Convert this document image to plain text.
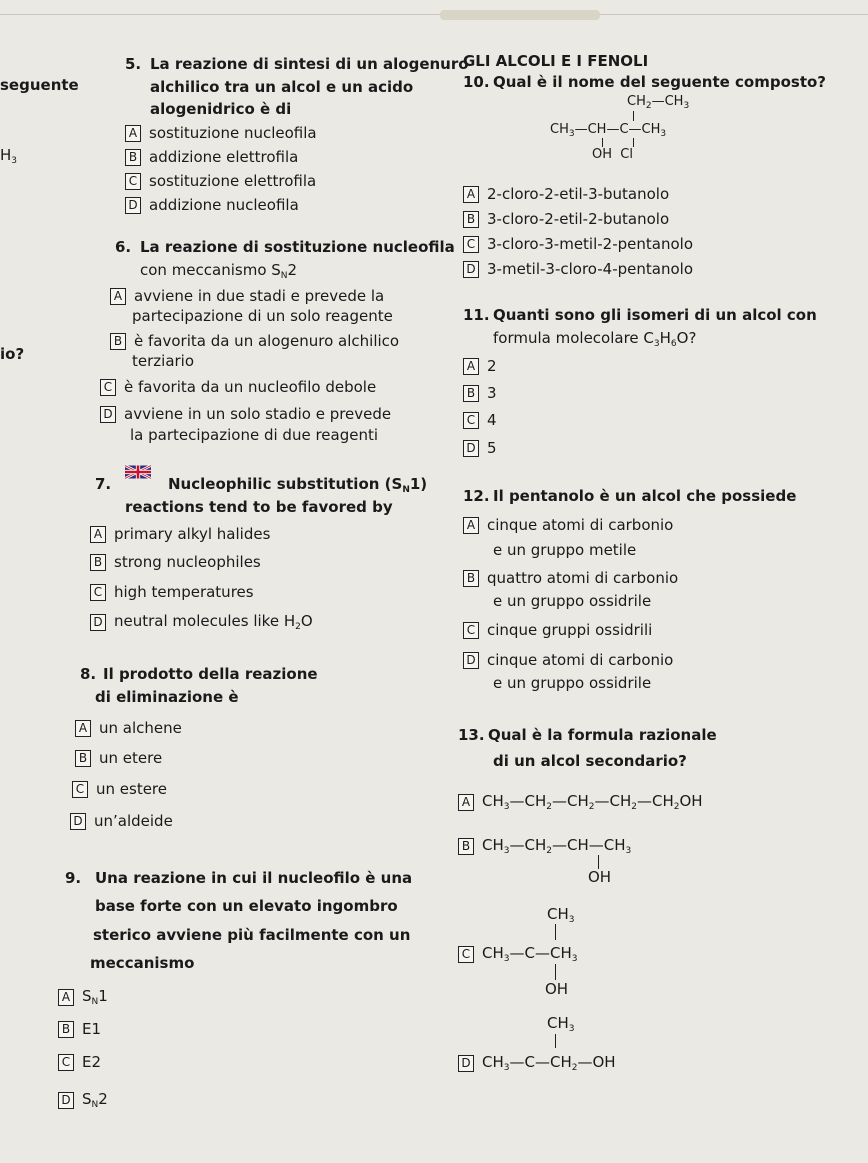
seguente
$H_3$
io?
5. La reazione di sintesi di un alogenuro
alchilico tra un alcol e un acido
alogenidrico è di
A sostituzione nucleofila
B addizione elettrofila
C sostituzione elettrofila
D addizione nucleofila
6. La reazione di sostituzione nucleofila
con meccanismo $S_N2$
A avviene in due stadi e prevede la
partecipazione di un solo reagente
B è favorita da un alogenuro alchilico
terziario
C è favorita da un nucleofilo debole
D avviene in un solo stadio e prevede
la partecipazione di due reagenti
7.	Nucleophilic substitution $(S_N1)$
reactions tend to be favored by
A primary alkyl halides
B strong nucleophiles
C high temperatures
D neutral molecules like $H_2O$
8. Il prodotto della reazione
di eliminazione è
A un alchene
B un etere
C un estere
D un’aldeide
9. Una reazione in cui il nucleofilo è una
base forte con un elevato ingombro
sterico avviene più facilmente con un
meccanismo
A $S_N1$
B E1
C E2
D $S_N2$
GLI ALCOLI E I FENOLI
10. Qual è il nome del seguente composto?
$CH_2—CH_3$
$CH_3—CH—C—CH_3$
OH  Cl
A 2-cloro-2-etil-3-butanolo
B 3-cloro-2-etil-2-butanolo
C 3-cloro-3-metil-2-pentanolo
D 3-metil-3-cloro-4-pentanolo
11. Quanti sono gli isomeri di un alcol con
formula molecolare $C_3H_6O$?
A 2
B 3
C 4
D 5
12. Il pentanolo è un alcol che possiede
A cinque atomi di carbonio
e un gruppo metile
B quattro atomi di carbonio
e un gruppo ossidrile
C cinque gruppi ossidrili
D cinque atomi di carbonio
e un gruppo ossidrile
13. Qual è la formula razionale
di un alcol secondario?
A $CH_3—CH_2—CH_2—CH_2—CH_2OH$
B $CH_3—CH_2—CH—CH_3$
OH
$CH_3$
C $CH_3—C—CH_3$
OH
$CH_3$
D $CH_3—C—CH_2—OH$
